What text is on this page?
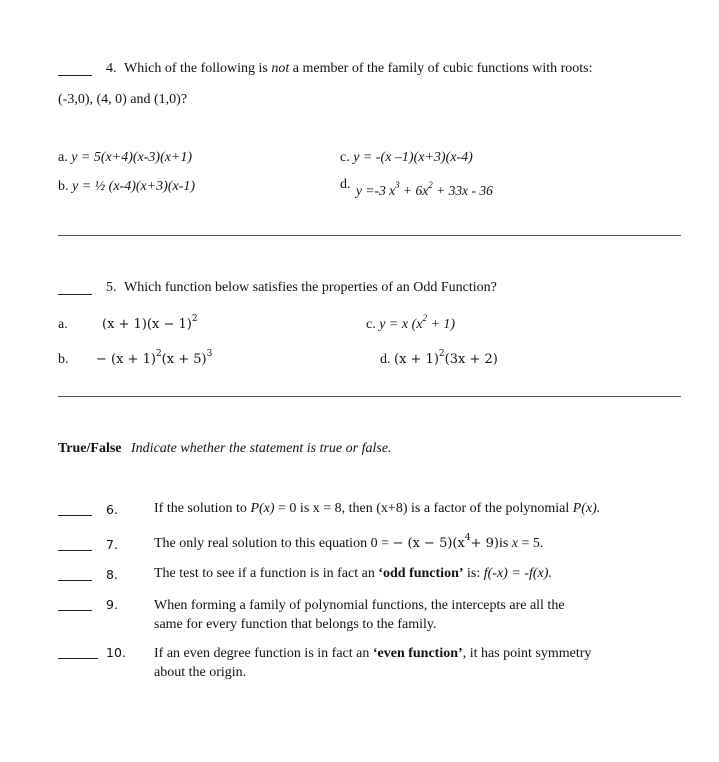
4. Which of the following is not a member of the family of cubic functions with roots:
(-3,0), (4, 0) and (1,0)?
a. y = 5(x+4)(x-3)(x+1)
b. y = ½ (x-4)(x+3)(x-1)
c. y = -(x –1)(x+3)(x-4)
d. y =-3 $x^3 + 6x^2 + 33x - 36$
5. Which function below satisfies the properties of an Odd Function?
a.	$(x + 1)(x - 1)^2$
b. − $(x + 1)^2(x + 5)^3$
c. y = x $(x^2 + 1)$
d. $(x + 1)^2(3x + 2)$
True/False Indicate whether the statement is true or false.
6.	If the solution to P(x) = 0 is x = 8, then (x+8) is a factor of the polynomial P(x).
7.	The only real solution to this equation 0 = − $(x - 5)(x^4+ 9)is$ x = 5.
8.	The test to see if a function is in fact an ‘odd function’ is: f(-x) = -f(x).
9.	When forming a family of polynomial functions, the intercepts are all the same for every function that belongs to the family.
10. If an even degree function is in fact an ‘even function’, it has point symmetry about the origin.
